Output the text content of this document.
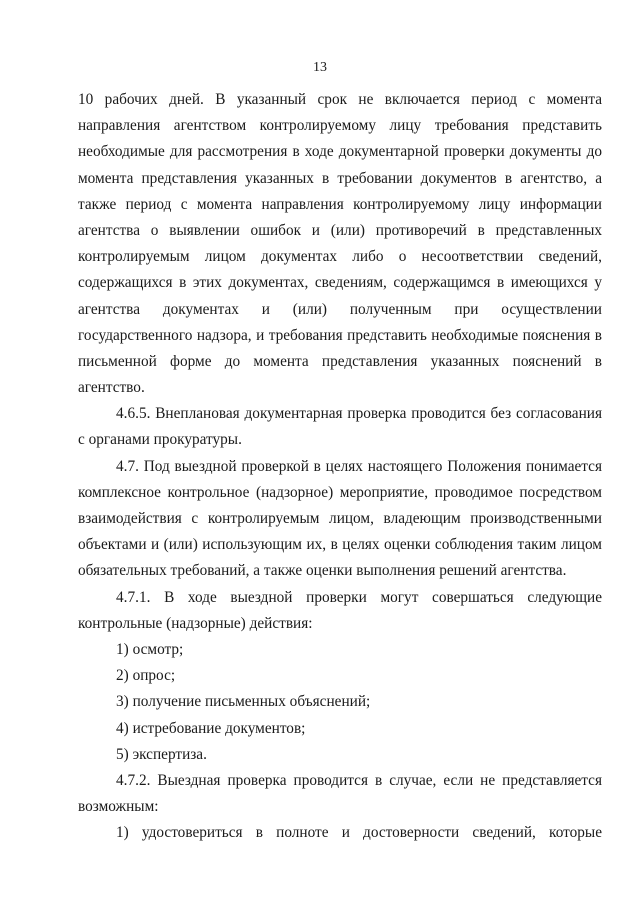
13
10 рабочих дней. В указанный срок не включается период с момента
направления агентством контролируемому лицу требования представить
необходимые для рассмотрения в ходе документарной проверки документы до
момента представления указанных в требовании документов в агентство, а
также период с момента направления контролируемому лицу информации
агентства о выявлении ошибок и (или) противоречий в представленных
контролируемым лицом документах либо о несоответствии сведений,
содержащихся в этих документах, сведениям, содержащимся в имеющихся у
агентства документах и (или) полученным при осуществлении
государственного надзора, и требования представить необходимые пояснения в
письменной форме до момента представления указанных пояснений в
агентство.
4.6.5. Внеплановая документарная проверка проводится без согласования
с органами прокуратуры.
4.7. Под выездной проверкой в целях настоящего Положения понимается
комплексное контрольное (надзорное) мероприятие, проводимое посредством
взаимодействия с контролируемым лицом, владеющим производственными
объектами и (или) использующим их, в целях оценки соблюдения таким лицом
обязательных требований, а также оценки выполнения решений агентства.
4.7.1. В ходе выездной проверки могут совершаться следующие
контрольные (надзорные) действия:
1) осмотр;
2) опрос;
3) получение письменных объяснений;
4) истребование документов;
5) экспертиза.
4.7.2. Выездная проверка проводится в случае, если не представляется
возможным:
1) удостовериться в полноте и достоверности сведений, которые
